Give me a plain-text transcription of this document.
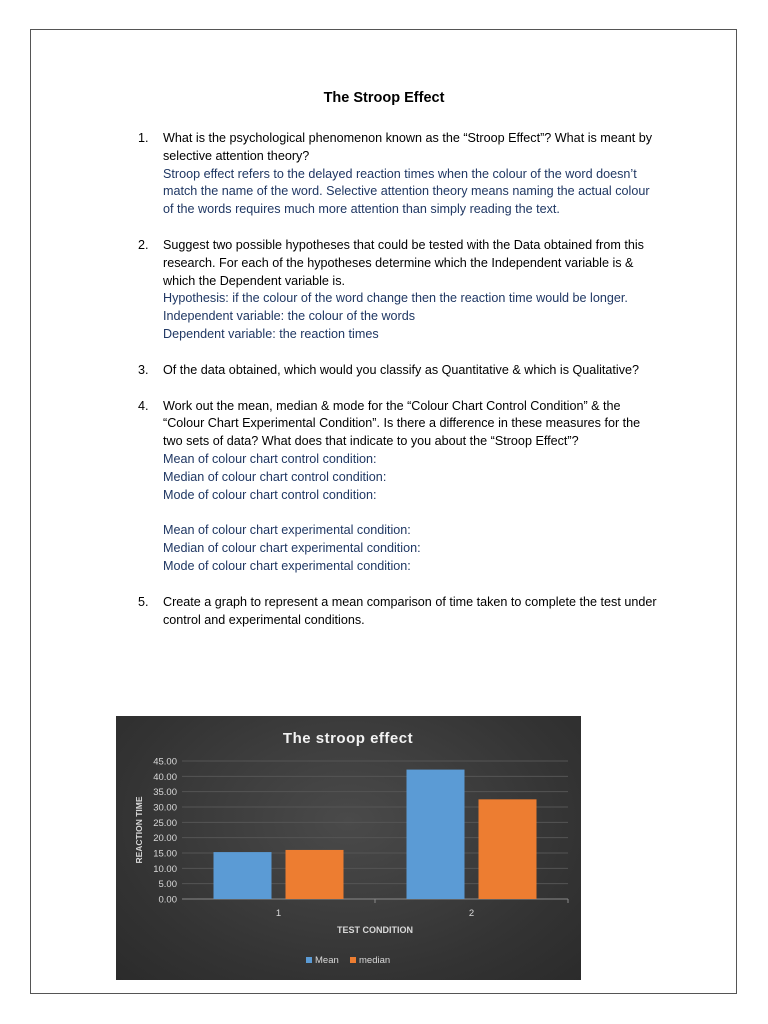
The Stroop Effect
1. What is the psychological phenomenon known as the “Stroop Effect”? What is meant by selective attention theory?
Stroop effect refers to the delayed reaction times when the colour of the word doesn’t match the name of the word. Selective attention theory means naming the actual colour of the words requires much more attention than simply reading the text.
2. Suggest two possible hypotheses that could be tested with the Data obtained from this research. For each of the hypotheses determine which the Independent variable is & which the Dependent variable is.
Hypothesis: if the colour of the word change then the reaction time would be longer.
Independent variable: the colour of the words
Dependent variable: the reaction times
3. Of the data obtained, which would you classify as Quantitative & which is Qualitative?
4. Work out the mean, median & mode for the “Colour Chart Control Condition” & the “Colour Chart Experimental Condition”. Is there a difference in these measures for the two sets of data? What does that indicate to you about the “Stroop Effect”?
Mean of colour chart control condition:
Median of colour chart control condition:
Mode of colour chart control condition:
Mean of colour chart experimental condition:
Median of colour chart experimental condition:
Mode of colour chart experimental condition:
5. Create a graph to represent a mean comparison of time taken to complete the test under control and experimental conditions.
The stroop effect
0.00
5.00
10.00
15.00
20.00
25.00
30.00
35.00
40.00
45.00
REACTION TIME
1	2
TEST CONDITION
Mean median
